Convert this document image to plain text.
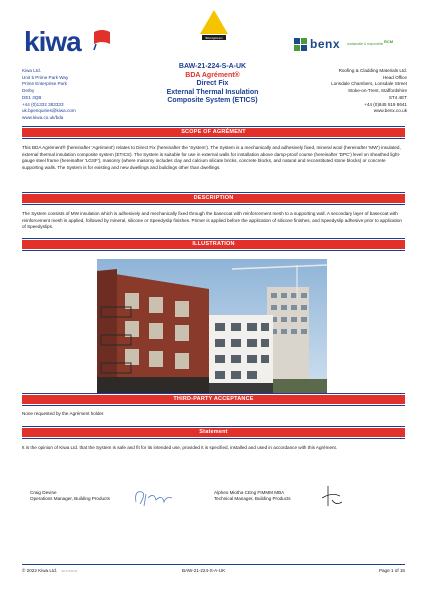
kiwa
Kiwa Ltd.
Unit 5 Prime Park Way
Prime Enterprise Park
Derby
DE1 3QB
+44 (0)1332 383333
uk.bpenquiries@kiwa.com
www.kiwa.co.uk/bda
BDA Agrément
BAW-21-224-S-A-UK
BDA Agrément®
Direct Fix
External Thermal Insulation
Composite System (ETICS)
benx sustainable & responsible RCM
Roofing & Cladding Materials Ltd.
Head Office
Lonsdale Chambers, Lonsdale Street
Stoke-on-Trent, Staffordshire
ST4 4ET
+44 (0)845 519 8641
www.benx.co.uk
SCOPE OF AGRÉMENT
This BDA Agrément® (hereinafter 'Agrément') relates to Direct Fix (hereinafter the 'System'). The System is a mechanically and adhesively fixed, mineral wool (hereinafter 'MW') insulated, external thermal insulation composite system (ETICS). The System is suitable for use in external walls for installation above damp-proof course (hereinafter 'DPC') level on sheathed light-gauge steel frame (hereinafter 'LGSF'), masonry (where masonry includes clay and calcium silicate bricks, concrete blocks, and natural and reconstituted stone blocks) or concrete supporting walls. The System is for existing and new dwellings and buildings other than dwellings.
DESCRIPTION
The System consists of MW insulation which is adhesively and mechanically fixed through the basecoat with reinforcement mesh to a supporting wall. A secondary layer of basecoat with reinforcement mesh is applied, followed by mineral, silicone or Speedyslip finishes. Primer is applied before the application of silicone finishes, and Speedyslip adhesive prior to application of Speedyslips.
ILLUSTRATION
THIRD-PARTY ACCEPTANCE
None requested by the Agrément holder.
Statement
It is the opinion of Kiwa Ltd. that the System is safe and fit for its intended use, provided it is specified, installed and used in accordance with this Agrément.
Craig Devine
Operations Manager, Building Products
Alpheo Miotha CEng FIMMM MBA
Technical Manager, Building Products
© 2022 Kiwa Ltd. SP-F-000-02	BAW-21-224-S-A-UK	Page 1 of 15
